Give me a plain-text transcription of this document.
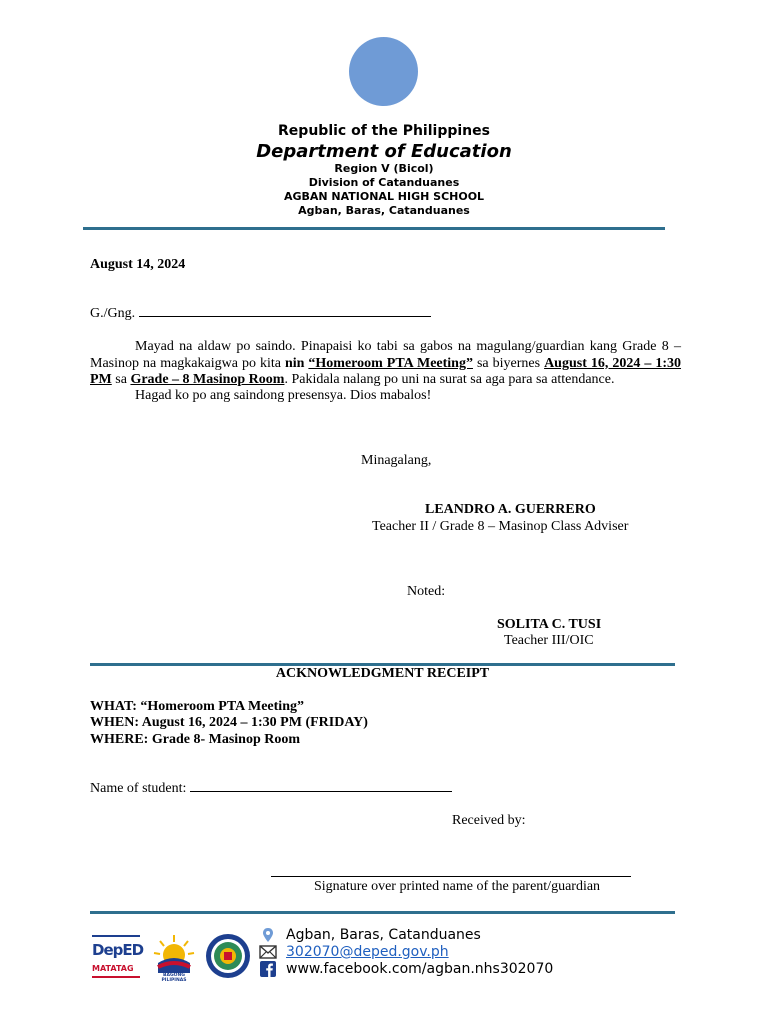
Republic of the Philippines
Department of Education
Region V (Bicol)
Division of Catanduanes
AGBAN NATIONAL HIGH SCHOOL
Agban, Baras, Catanduanes
August 14, 2024
G./Gng.
Mayad na aldaw po saindo. Pinapaisi ko tabi sa gabos na magulang/guardian kang Grade 8 – Masinop na magkakaigwa po kita nin “Homeroom PTA Meeting” sa biyernes August 16, 2024 – 1:30 PM sa Grade – 8 Masinop Room. Pakidala nalang po uni na surat sa aga para sa attendance.
Hagad ko po ang saindong presensya. Dios mabalos!
Minagalang,
LEANDRO A. GUERRERO
Teacher II / Grade 8 – Masinop Class Adviser
Noted:
SOLITA C. TUSI
Teacher III/OIC
ACKNOWLEDGMENT RECEIPT
WHAT: “Homeroom PTA Meeting”
WHEN: August 16, 2024 – 1:30 PM (FRIDAY)
WHERE: Grade 8- Masinop Room
Name of student:
Received by:
Signature over printed name of the parent/guardian
DepED
MATATAG
BAGONG PILIPINAS
Agban, Baras, Catanduanes
302070@deped.gov.ph
www.facebook.com/agban.nhs302070
